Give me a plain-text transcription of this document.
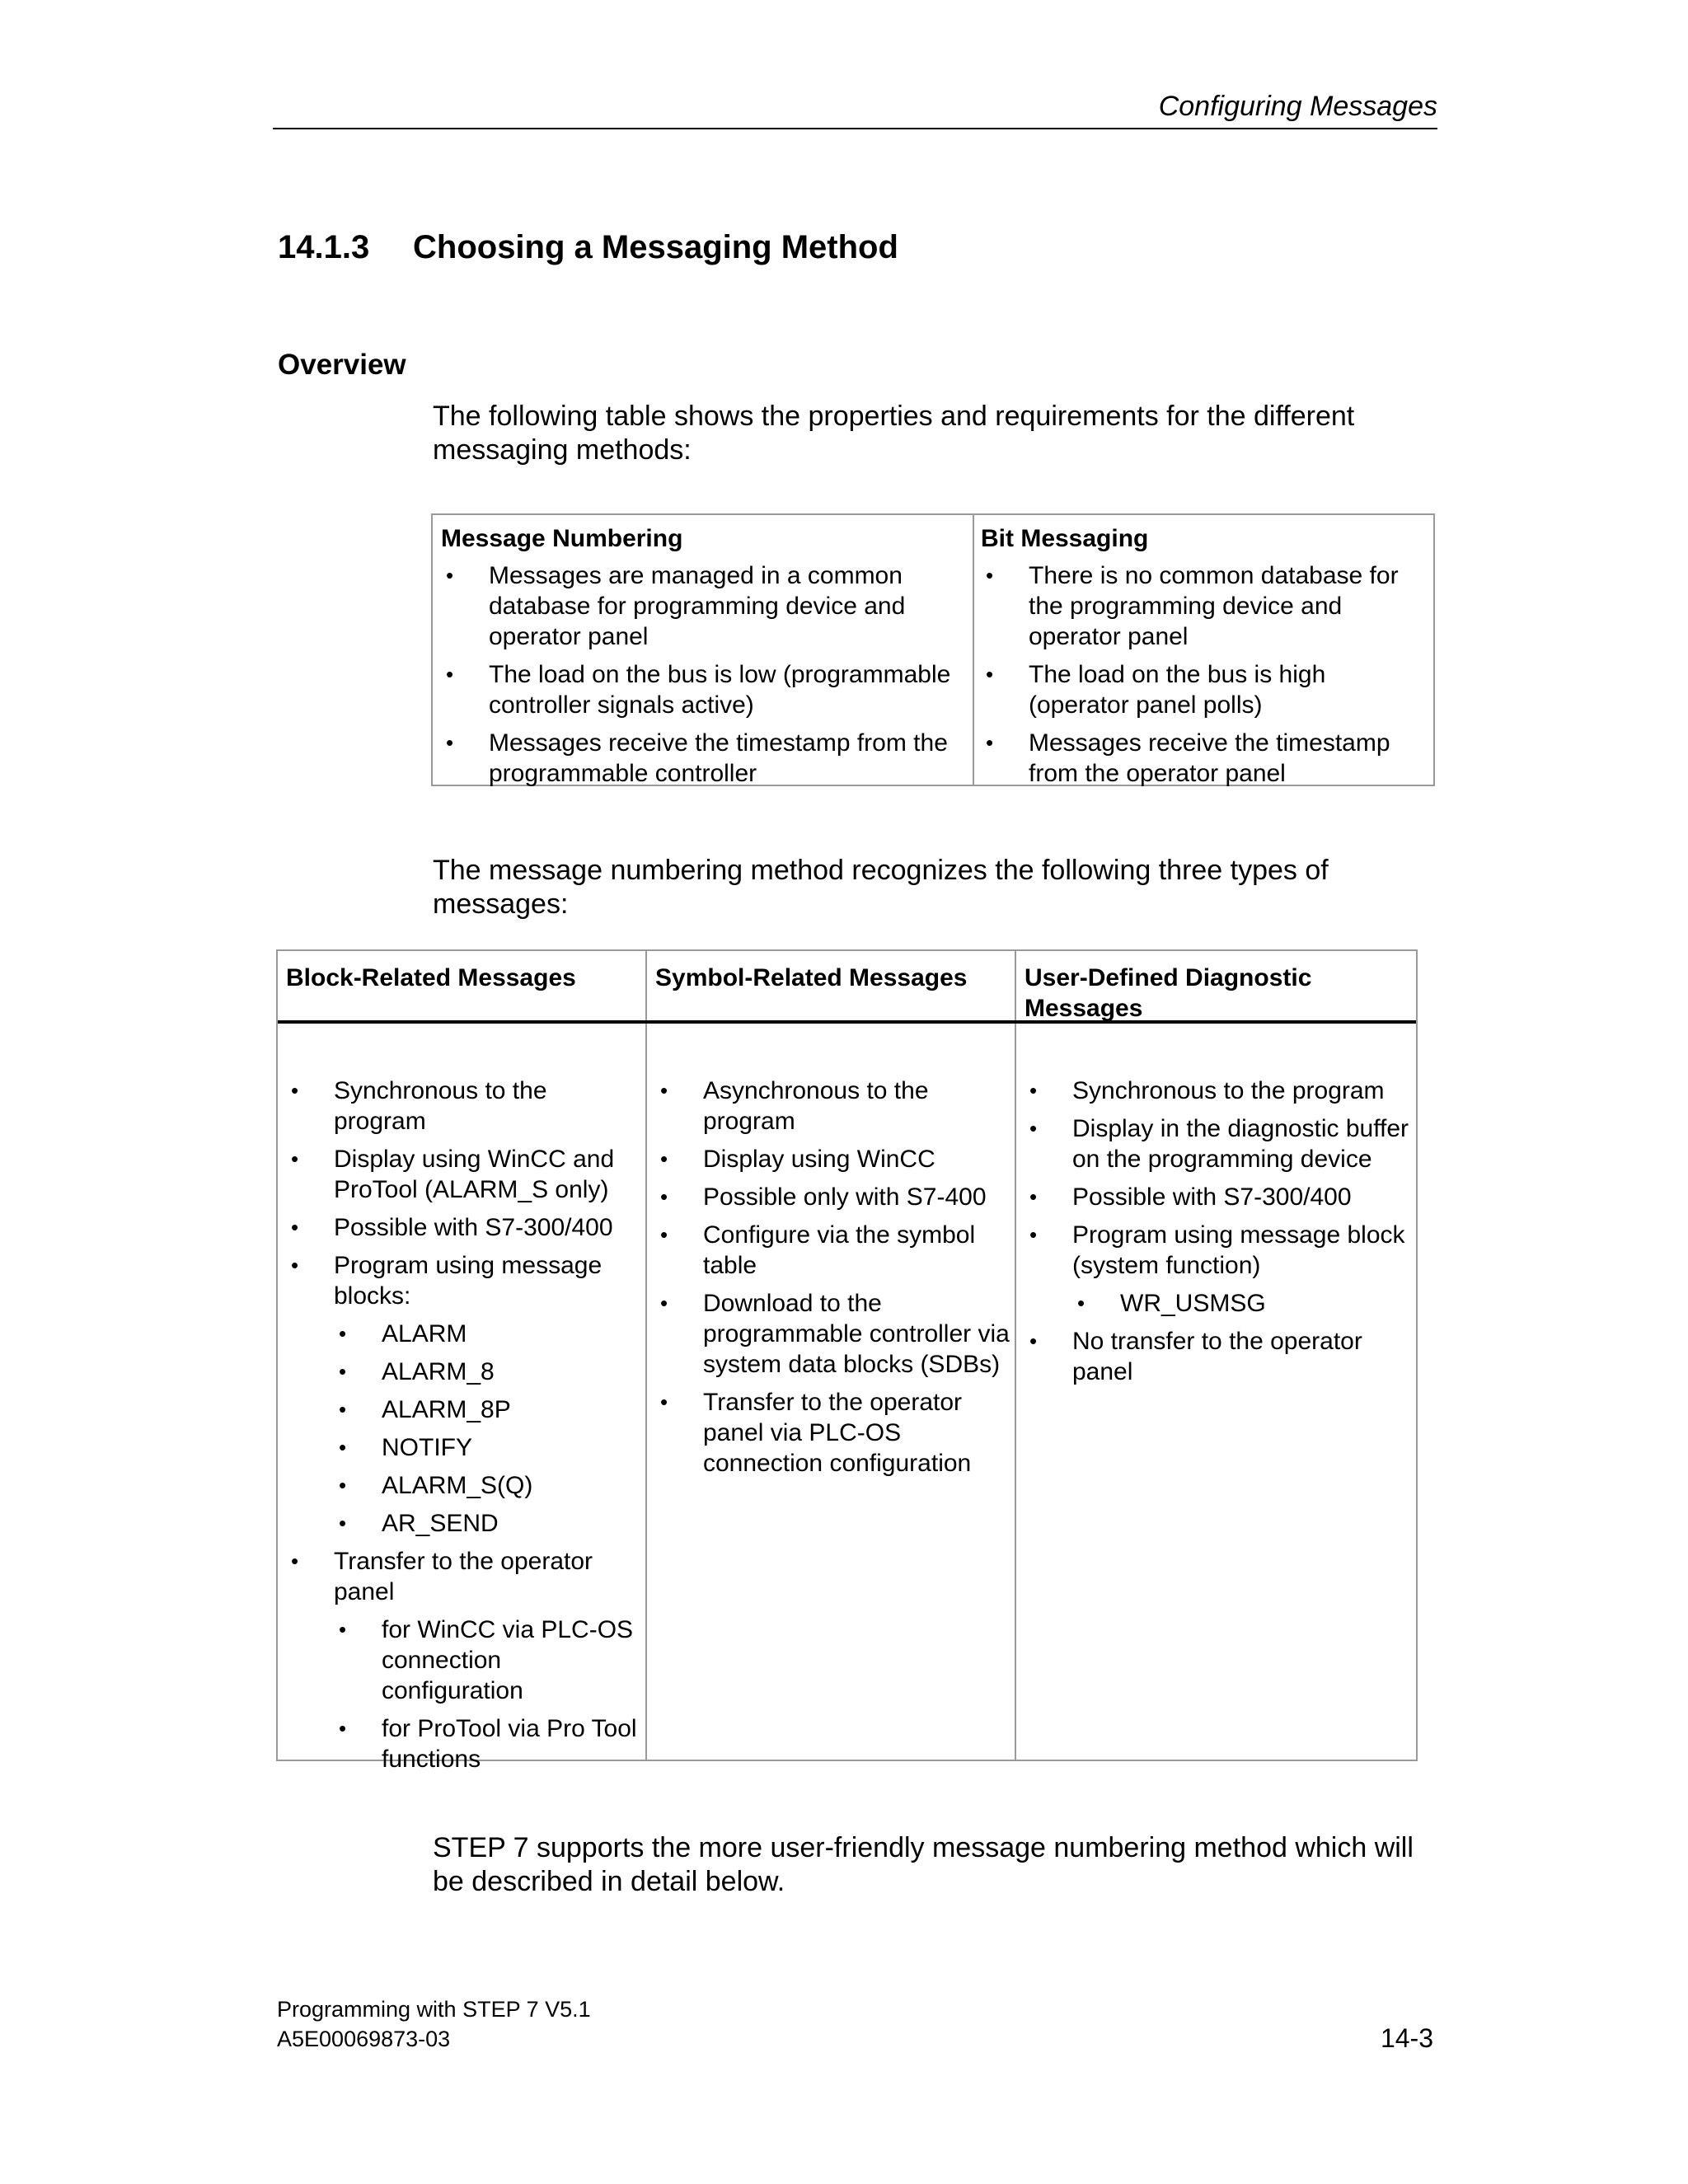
Configuring Messages
14.1.3 Choosing a Messaging Method
Overview
The following table shows the properties and requirements for the different messaging methods:
Message Numbering
• Messages are managed in a common database for programming device and operator panel
• The load on the bus is low (programmable controller signals active)
• Messages receive the timestamp from the programmable controller
Bit Messaging
• There is no common database for the programming device and operator panel
• The load on the bus is high (operator panel polls)
• Messages receive the timestamp from the operator panel
The message numbering method recognizes the following three types of messages:
Block-Related Messages
• Synchronous to the program
• Display using WinCC and ProTool (ALARM_S only)
• Possible with S7-300/400
• Program using message blocks:
• ALARM
• ALARM_8
• ALARM_8P
• NOTIFY
• ALARM_S(Q)
• AR_SEND
• Transfer to the operator panel
• for WinCC via PLC-OS connection configuration
• for ProTool via Pro Tool functions
Symbol-Related Messages
• Asynchronous to the program
• Display using WinCC
• Possible only with S7-400
• Configure via the symbol table
• Download to the programmable controller via system data blocks (SDBs)
• Transfer to the operator panel via PLC-OS connection configuration
User-Defined Diagnostic Messages
• Synchronous to the program
• Display in the diagnostic buffer on the programming device
• Possible with S7-300/400
• Program using message block (system function)
• WR_USMSG
• No transfer to the operator panel
STEP 7 supports the more user-friendly message numbering method which will be described in detail below.
Programming with STEP 7 V5.1
A5E00069873-03	14-3
